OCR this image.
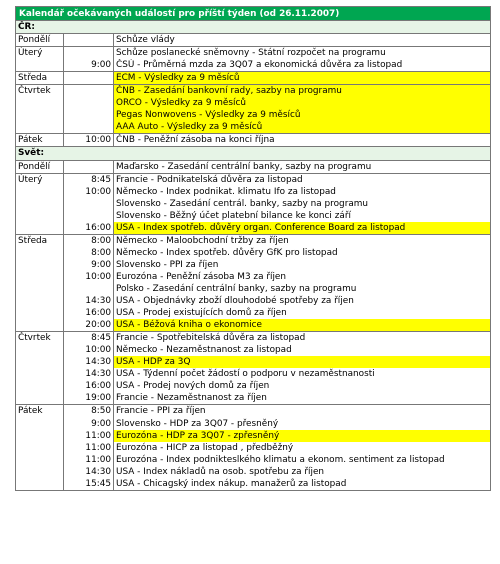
Kalendář očekávaných událostí pro příští týden (od 26.11.2007)		
ČR:		
Pondělí		Schůze vlády
Úterý		Schůze poslanecké sněmovny - Státní rozpočet na programu
	9:00	ČSÚ - Průměrná mzda za 3Q07 a ekonomická důvěra za listopad
Středa		ECM - Výsledky za 9 měsíců
Čtvrtek		ČNB - Zasedání bankovní rady, sazby na programu
		ORCO - Výsledky za 9 měsíců
		Pegas Nonwovens - Výsledky za 9 měsíců
		AAA Auto - Výsledky za 9 měsíců
Pátek	10:00	ČNB - Peněžní zásoba na konci října
Svět:		
Pondělí		Maďarsko - Zasedání centrální banky, sazby na programu
Úterý	8:45	Francie - Podnikatelská důvěra za listopad
	10:00	Německo - Index podnikat. klimatu Ifo za listopad
		Slovensko - Zasedání centrál. banky, sazby na programu
		Slovensko - Běžný účet platební bilance ke konci září
	16:00	USA - Index spotřeb. důvěry organ. Conference Board za listopad
Středa	8:00	Německo - Maloobchodní tržby za říjen
	8:00	Německo - Index spotřeb. důvěry GfK pro listopad
	9:00	Slovensko - PPI za říjen
	10:00	Eurozóna - Peněžní zásoba M3 za říjen
		Polsko - Zasedání centrální banky, sazby na programu
	14:30	USA - Objednávky zboží dlouhodobé spotřeby za říjen
	16:00	USA - Prodej existujících domů za říjen
	20:00	USA - Béžová kniha o ekonomice
Čtvrtek	8:45	Francie - Spotřebitelská důvěra za listopad
	10:00	Německo - Nezaměstnanost za listopad
	14:30	USA - HDP za 3Q
	14:30	USA - Týdenní počet žádostí o podporu v nezaměstnanosti
	16:00	USA - Prodej nových domů za říjen
	19:00	Francie - Nezaměstnanost za říjen
Pátek	8:50	Francie - PPI za říjen
	9:00	Slovensko - HDP za 3Q07 - přesněný
	11:00	Eurozóna - HDP za 3Q07 - zpřesněný
	11:00	Eurozóna - HICP za listopad , předběžný
	11:00	Eurozóna - Index podnikteslkého klimatu a ekonom. sentiment za listopad
	14:30	USA - Index nákladů na osob. spotřebu za říjen
	15:45	USA - Chicagský index nákup. manažerů za listopad
